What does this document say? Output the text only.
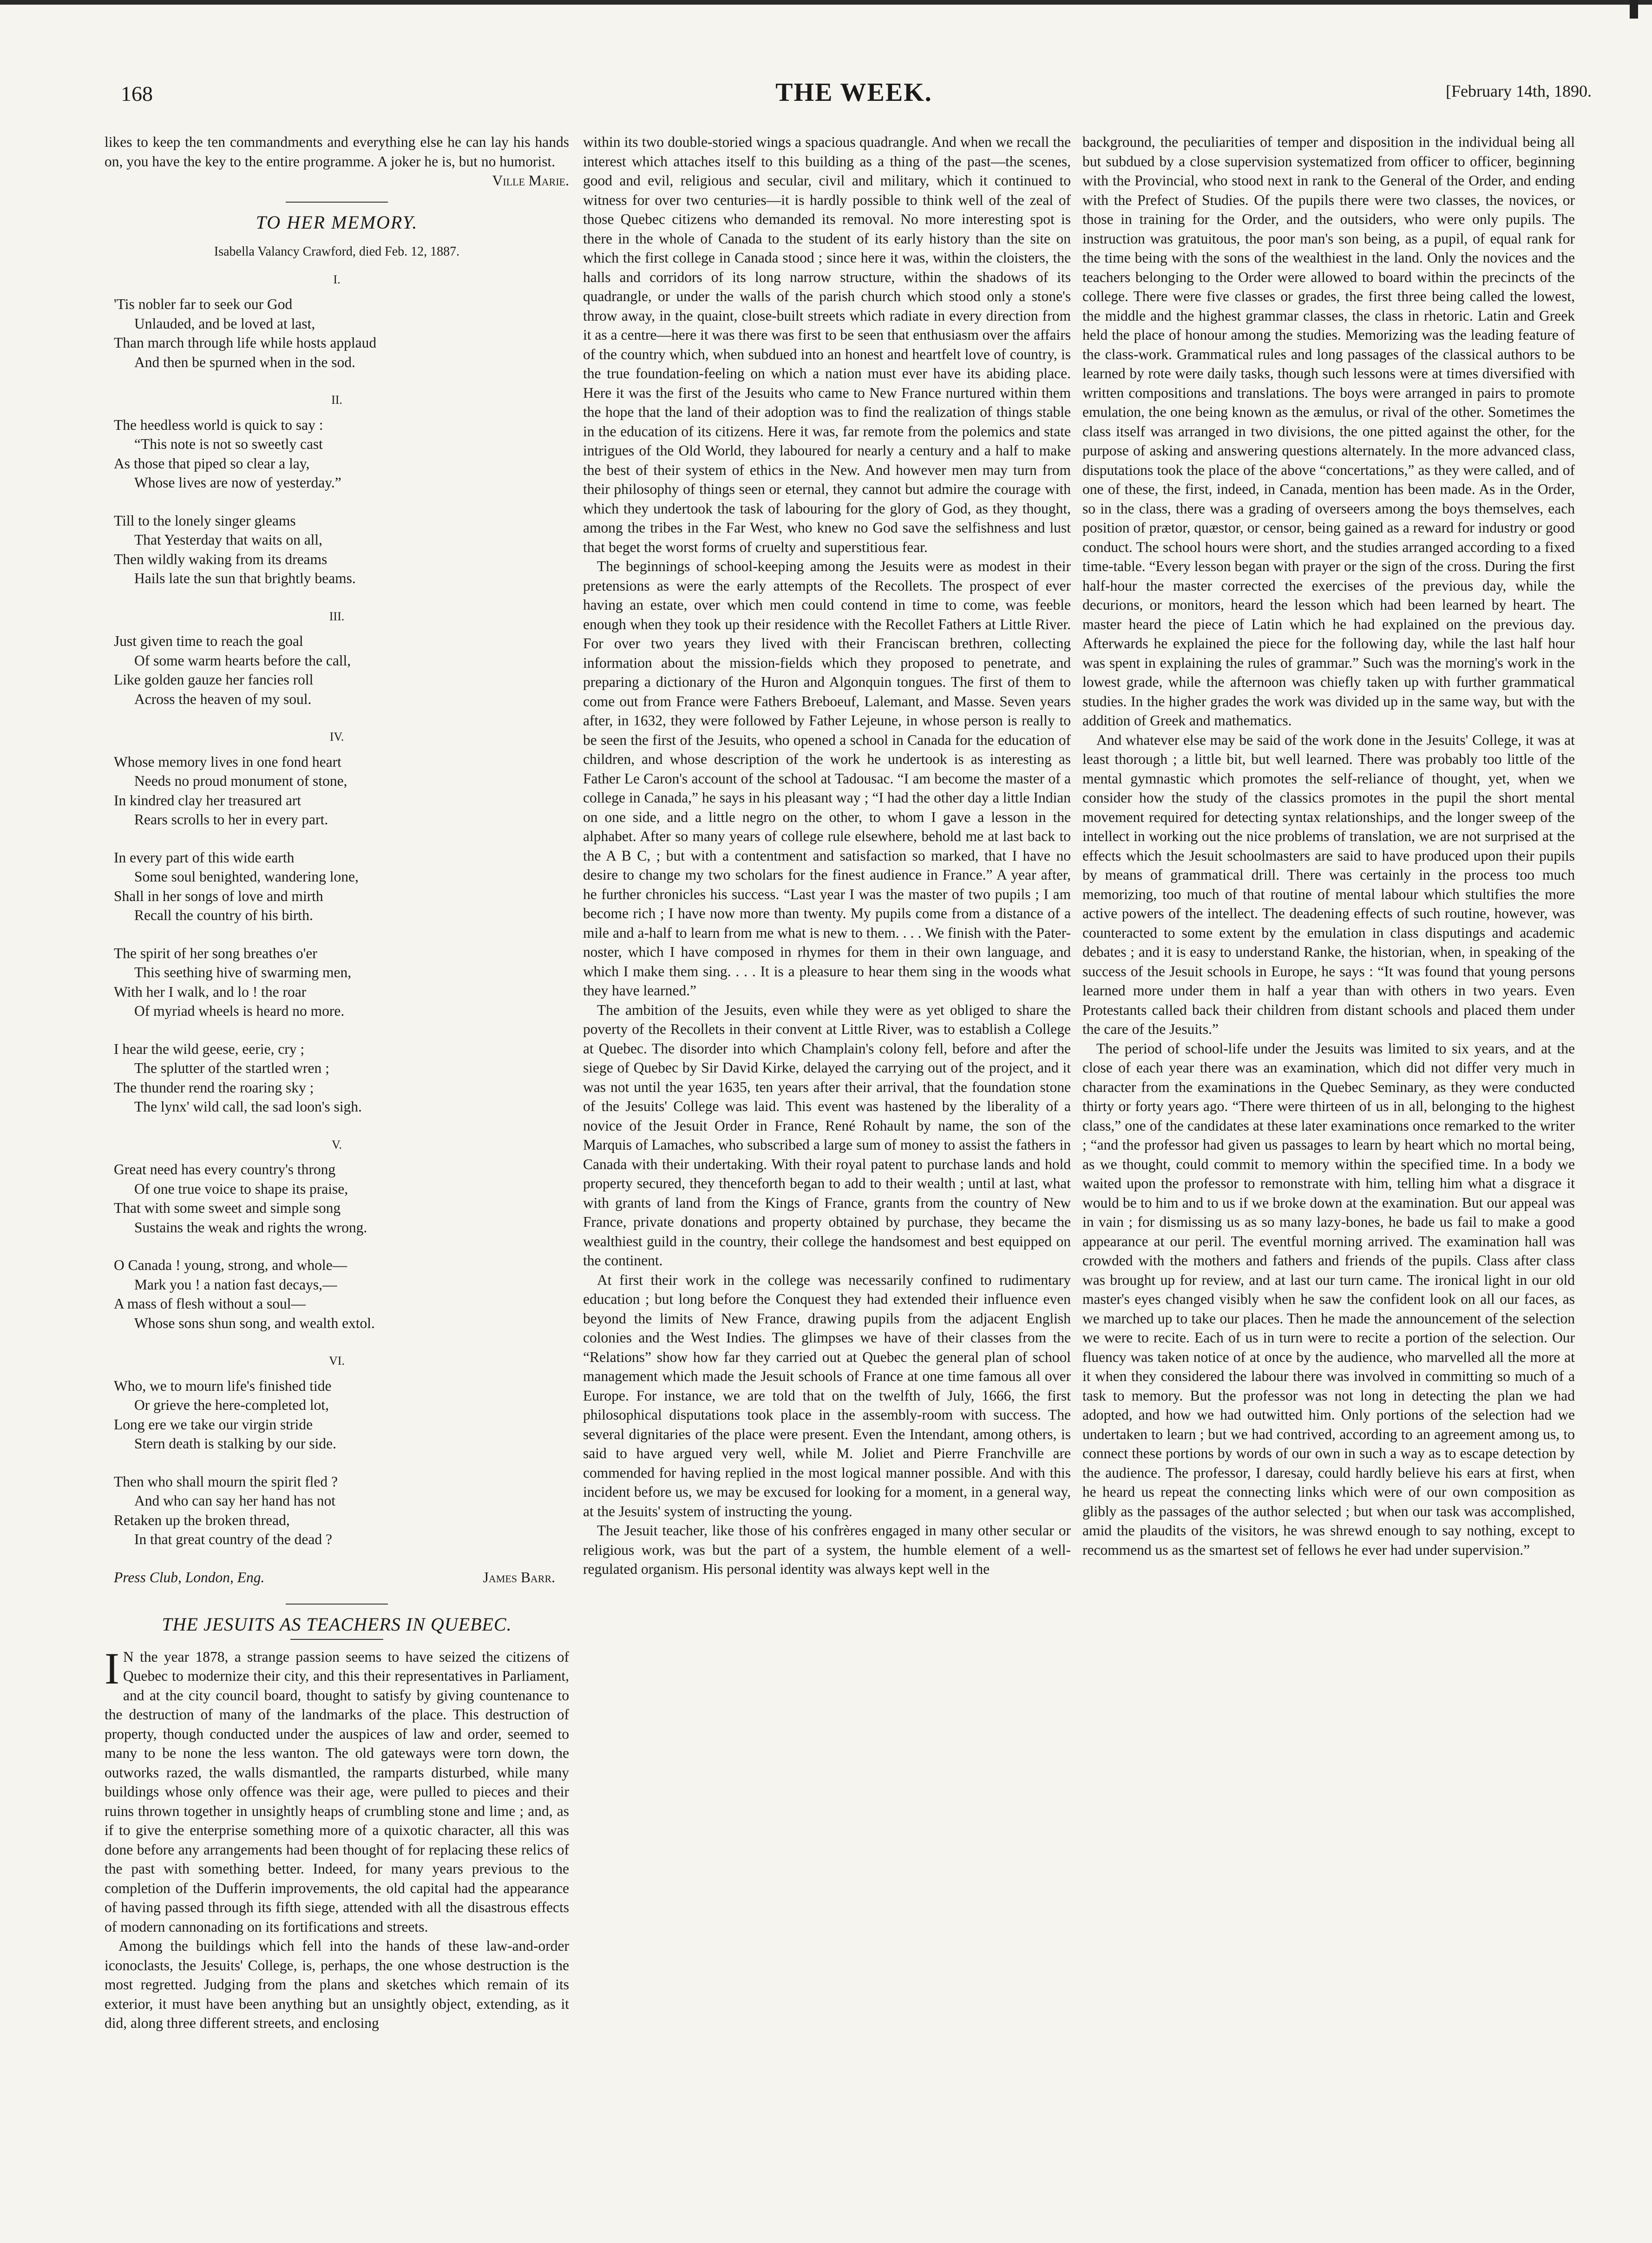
168	THE WEEK.	[February 14th, 1890.

likes to keep the ten commandments and everything else he can lay his hands on, you have the key to the entire programme. A joker he is, but no humorist.

Ville Marie.

TO HER MEMORY.
Isabella Valancy Crawford, died Feb. 12, 1887.
I.
'Tis nobler far to seek our God
Unlauded, and be loved at last,
Than march through life while hosts applaud
And then be spurned when in the sod.
II.
The heedless world is quick to say :
“This note is not so sweetly cast
As those that piped so clear a lay,
Whose lives are now of yesterday.”
Till to the lonely singer gleams
That Yesterday that waits on all,
Then wildly waking from its dreams
Hails late the sun that brightly beams.
III.
Just given time to reach the goal
Of some warm hearts before the call,
Like golden gauze her fancies roll
Across the heaven of my soul.
IV.
Whose memory lives in one fond heart
Needs no proud monument of stone,
In kindred clay her treasured art
Rears scrolls to her in every part.
In every part of this wide earth
Some soul benighted, wandering lone,
Shall in her songs of love and mirth
Recall the country of his birth.
The spirit of her song breathes o'er
This seething hive of swarming men,
With her I walk, and lo ! the roar
Of myriad wheels is heard no more.
I hear the wild geese, eerie, cry ;
The splutter of the startled wren ;
The thunder rend the roaring sky ;
The lynx' wild call, the sad loon's sigh.
V.
Great need has every country's throng
Of one true voice to shape its praise,
That with some sweet and simple song
Sustains the weak and rights the wrong.
O Canada ! young, strong, and whole—
Mark you ! a nation fast decays,—
A mass of flesh without a soul—
Whose sons shun song, and wealth extol.
VI.
Who, we to mourn life's finished tide
Or grieve the here-completed lot,
Long ere we take our virgin stride
Stern death is stalking by our side.
Then who shall mourn the spirit fled ?
And who can say her hand has not
Retaken up the broken thread,
In that great country of the dead ?
Press Club, London, Eng.	James Barr.
THE JESUITS AS TEACHERS IN QUEBEC.

I N the year 1878, a strange passion seems to have seized the citizens of Quebec to modernize their city, and this their representatives in Parliament, and at the city council board, thought to satisfy by giving countenance to the destruction of many of the landmarks of the place. This destruction of property, though conducted under the auspices of law and order, seemed to many to be none the less wanton. The old gateways were torn down, the outworks razed, the walls dismantled, the ramparts disturbed, while many buildings whose only offence was their age, were pulled to pieces and their ruins thrown together in unsightly heaps of crumbling stone and lime ; and, as if to give the enterprise something more of a quixotic character, all this was done before any arrangements had been thought of for replacing these relics of the past with something better. Indeed, for many years previous to the completion of the Dufferin improvements, the old capital had the appearance of having passed through its fifth siege, attended with all the disastrous effects of modern cannonading on its fortifications and streets.

Among the buildings which fell into the hands of these law-and-order iconoclasts, the Jesuits' College, is, perhaps, the one whose destruction is the most regretted. Judging from the plans and sketches which remain of its exterior, it must have been anything but an unsightly object, extending, as it did, along three different streets, and enclosing

within its two double-storied wings a spacious quadrangle. And when we recall the interest which attaches itself to this building as a thing of the past—the scenes, good and evil, religious and secular, civil and military, which it continued to witness for over two centuries—it is hardly possible to think well of the zeal of those Quebec citizens who demanded its removal. No more interesting spot is there in the whole of Canada to the student of its early history than the site on which the first college in Canada stood ; since here it was, within the cloisters, the halls and corridors of its long narrow structure, within the shadows of its quadrangle, or under the walls of the parish church which stood only a stone's throw away, in the quaint, close-built streets which radiate in every direction from it as a centre—here it was there was first to be seen that enthusiasm over the affairs of the country which, when subdued into an honest and heartfelt love of country, is the true foundation-feeling on which a nation must ever have its abiding place. Here it was the first of the Jesuits who came to New France nurtured within them the hope that the land of their adoption was to find the realization of things stable in the education of its citizens. Here it was, far remote from the polemics and state intrigues of the Old World, they laboured for nearly a century and a half to make the best of their system of ethics in the New. And however men may turn from their philosophy of things seen or eternal, they cannot but admire the courage with which they undertook the task of labouring for the glory of God, as they thought, among the tribes in the Far West, who knew no God save the selfishness and lust that beget the worst forms of cruelty and superstitious fear.

The beginnings of school-keeping among the Jesuits were as modest in their pretensions as were the early attempts of the Recollets. The prospect of ever having an estate, over which men could contend in time to come, was feeble enough when they took up their residence with the Recollet Fathers at Little River. For over two years they lived with their Franciscan brethren, collecting information about the mission-fields which they proposed to penetrate, and preparing a dictionary of the Huron and Algonquin tongues. The first of them to come out from France were Fathers Breboeuf, Lalemant, and Masse. Seven years after, in 1632, they were followed by Father Lejeune, in whose person is really to be seen the first of the Jesuits, who opened a school in Canada for the education of children, and whose description of the work he undertook is as interesting as Father Le Caron's account of the school at Tadousac. “I am become the master of a college in Canada,” he says in his pleasant way ; “I had the other day a little Indian on one side, and a little negro on the other, to whom I gave a lesson in the alphabet. After so many years of college rule elsewhere, behold me at last back to the A B C, ; but with a contentment and satisfaction so marked, that I have no desire to change my two scholars for the finest audience in France.” A year after, he further chronicles his success. “Last year I was the master of two pupils ; I am become rich ; I have now more than twenty. My pupils come from a distance of a mile and a-half to learn from me what is new to them. . . . We finish with the Pater-noster, which I have composed in rhymes for them in their own language, and which I make them sing. . . . It is a pleasure to hear them sing in the woods what they have learned.”

The ambition of the Jesuits, even while they were as yet obliged to share the poverty of the Recollets in their convent at Little River, was to establish a College at Quebec. The disorder into which Champlain's colony fell, before and after the siege of Quebec by Sir David Kirke, delayed the carrying out of the project, and it was not until the year 1635, ten years after their arrival, that the foundation stone of the Jesuits' College was laid. This event was hastened by the liberality of a novice of the Jesuit Order in France, René Rohault by name, the son of the Marquis of Lamaches, who subscribed a large sum of money to assist the fathers in Canada with their undertaking. With their royal patent to purchase lands and hold property secured, they thenceforth began to add to their wealth ; until at last, what with grants of land from the Kings of France, grants from the country of New France, private donations and property obtained by purchase, they became the wealthiest guild in the country, their college the handsomest and best equipped on the continent.

At first their work in the college was necessarily confined to rudimentary education ; but long before the Conquest they had extended their influence even beyond the limits of New France, drawing pupils from the adjacent English colonies and the West Indies. The glimpses we have of their classes from the “Relations” show how far they carried out at Quebec the general plan of school management which made the Jesuit schools of France at one time famous all over Europe. For instance, we are told that on the twelfth of July, 1666, the first philosophical disputations took place in the assembly-room with success. The several dignitaries of the place were present. Even the Intendant, among others, is said to have argued very well, while M. Joliet and Pierre Franchville are commended for having replied in the most logical manner possible. And with this incident before us, we may be excused for looking for a moment, in a general way, at the Jesuits' system of instructing the young.

The Jesuit teacher, like those of his confrères engaged in many other secular or religious work, was but the part of a system, the humble element of a well-regulated organism. His personal identity was always kept well in the

background, the peculiarities of temper and disposition in the individual being all but subdued by a close supervision systematized from officer to officer, beginning with the Provincial, who stood next in rank to the General of the Order, and ending with the Prefect of Studies. Of the pupils there were two classes, the novices, or those in training for the Order, and the outsiders, who were only pupils. The instruction was gratuitous, the poor man's son being, as a pupil, of equal rank for the time being with the sons of the wealthiest in the land. Only the novices and the teachers belonging to the Order were allowed to board within the precincts of the college. There were five classes or grades, the first three being called the lowest, the middle and the highest grammar classes, the class in rhetoric. Latin and Greek held the place of honour among the studies. Memorizing was the leading feature of the class-work. Grammatical rules and long passages of the classical authors to be learned by rote were daily tasks, though such lessons were at times diversified with written compositions and translations. The boys were arranged in pairs to promote emulation, the one being known as the æmulus, or rival of the other. Sometimes the class itself was arranged in two divisions, the one pitted against the other, for the purpose of asking and answering questions alternately. In the more advanced class, disputations took the place of the above “concertations,” as they were called, and of one of these, the first, indeed, in Canada, mention has been made. As in the Order, so in the class, there was a grading of overseers among the boys themselves, each position of prætor, quæstor, or censor, being gained as a reward for industry or good conduct. The school hours were short, and the studies arranged according to a fixed time-table. “Every lesson began with prayer or the sign of the cross. During the first half-hour the master corrected the exercises of the previous day, while the decurions, or monitors, heard the lesson which had been learned by heart. The master heard the piece of Latin which he had explained on the previous day. Afterwards he explained the piece for the following day, while the last half hour was spent in explaining the rules of grammar.” Such was the morning's work in the lowest grade, while the afternoon was chiefly taken up with further grammatical studies. In the higher grades the work was divided up in the same way, but with the addition of Greek and mathematics.

And whatever else may be said of the work done in the Jesuits' College, it was at least thorough ; a little bit, but well learned. There was probably too little of the mental gymnastic which promotes the self-reliance of thought, yet, when we consider how the study of the classics promotes in the pupil the short mental movement required for detecting syntax relationships, and the longer sweep of the intellect in working out the nice problems of translation, we are not surprised at the effects which the Jesuit schoolmasters are said to have produced upon their pupils by means of grammatical drill. There was certainly in the process too much memorizing, too much of that routine of mental labour which stultifies the more active powers of the intellect. The deadening effects of such routine, however, was counteracted to some extent by the emulation in class disputings and academic debates ; and it is easy to understand Ranke, the historian, when, in speaking of the success of the Jesuit schools in Europe, he says : “It was found that young persons learned more under them in half a year than with others in two years. Even Protestants called back their children from distant schools and placed them under the care of the Jesuits.”

The period of school-life under the Jesuits was limited to six years, and at the close of each year there was an examination, which did not differ very much in character from the examinations in the Quebec Seminary, as they were conducted thirty or forty years ago. “There were thirteen of us in all, belonging to the highest class,” one of the candidates at these later examinations once remarked to the writer ; “and the professor had given us passages to learn by heart which no mortal being, as we thought, could commit to memory within the specified time. In a body we waited upon the professor to remonstrate with him, telling him what a disgrace it would be to him and to us if we broke down at the examination. But our appeal was in vain ; for dismissing us as so many lazy-bones, he bade us fail to make a good appearance at our peril. The eventful morning arrived. The examination hall was crowded with the mothers and fathers and friends of the pupils. Class after class was brought up for review, and at last our turn came. The ironical light in our old master's eyes changed visibly when he saw the confident look on all our faces, as we marched up to take our places. Then he made the announcement of the selection we were to recite. Each of us in turn were to recite a portion of the selection. Our fluency was taken notice of at once by the audience, who marvelled all the more at it when they considered the labour there was involved in committing so much of a task to memory. But the professor was not long in detecting the plan we had adopted, and how we had outwitted him. Only portions of the selection had we undertaken to learn ; but we had contrived, according to an agreement among us, to connect these portions by words of our own in such a way as to escape detection by the audience. The professor, I daresay, could hardly believe his ears at first, when he heard us repeat the connecting links which were of our own composition as glibly as the passages of the author selected ; but when our task was accomplished, amid the plaudits of the visitors, he was shrewd enough to say nothing, except to recommend us as the smartest set of fellows he ever had under supervision.”
